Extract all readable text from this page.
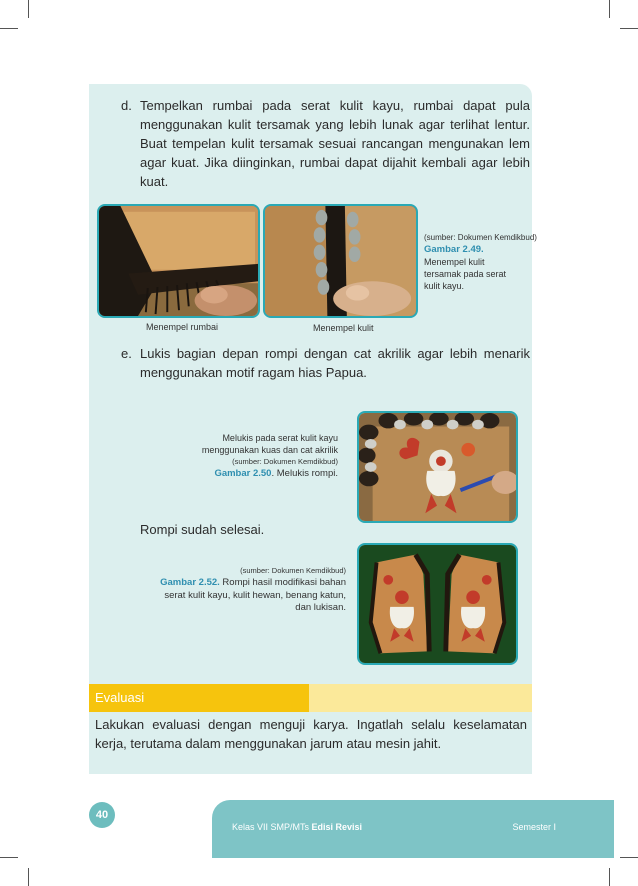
d. Tempelkan rumbai pada serat kulit kayu, rumbai dapat pula menggunakan kulit tersamak yang lebih lunak agar terlihat lentur. Buat tempelan kulit tersamak sesuai rancangan mengunakan lem agar kuat. Jika diinginkan, rumbai dapat dijahit kembali agar lebih kuat.
(sumber: Dokumen Kemdikbud)
Gambar 2.49.
Menempel kulit tersamak pada serat kulit kayu.
Menempel rumbai	Menempel kulit
e. Lukis bagian depan rompi dengan cat akrilik agar lebih menarik menggunakan motif ragam hias Papua.
Melukis pada serat kulit kayu
menggunakan kuas dan cat akrilik
(sumber: Dokumen Kemdikbud)
Gambar 2.50. Melukis rompi.
Rompi sudah selesai.
(sumber: Dokumen Kemdikbud)
Gambar 2.52. Rompi hasil modifikasi bahan serat kulit kayu, kulit hewan, benang katun, dan lukisan.
Evaluasi
Lakukan evaluasi dengan menguji karya. Ingatlah selalu keselamatan kerja, terutama dalam menggunakan jarum atau mesin jahit.
40
Kelas VII SMP/MTs Edisi Revisi	Semester I
